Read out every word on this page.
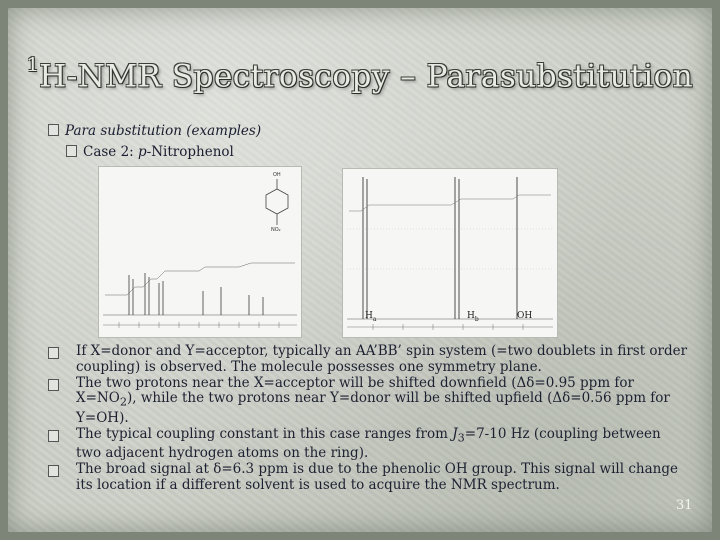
$^1$H-NMR Spectroscopy – Parasubstitution
Para substitution (examples)
Case 2: p-Nitrophenol
OH
NO₂
$H_a$	$H_b$	OH
If X=donor and Y=acceptor, typically an AA’BB’ spin system (=two doublets in first order coupling) is observed. The molecule possesses one symmetry plane.
The two protons near the X=acceptor will be shifted downfield (Δδ=0.95 ppm for $X=NO_2$), while the two protons near Y=donor will be shifted upfield (Δδ=0.56 ppm for Y=OH).
The typical coupling constant in this case ranges from $J_3=7-10$ Hz (coupling between two adjacent hydrogen atoms on the ring).
The broad signal at δ=6.3 ppm is due to the phenolic OH group. This signal will change its location if a different solvent is used to acquire the NMR spectrum.
31
